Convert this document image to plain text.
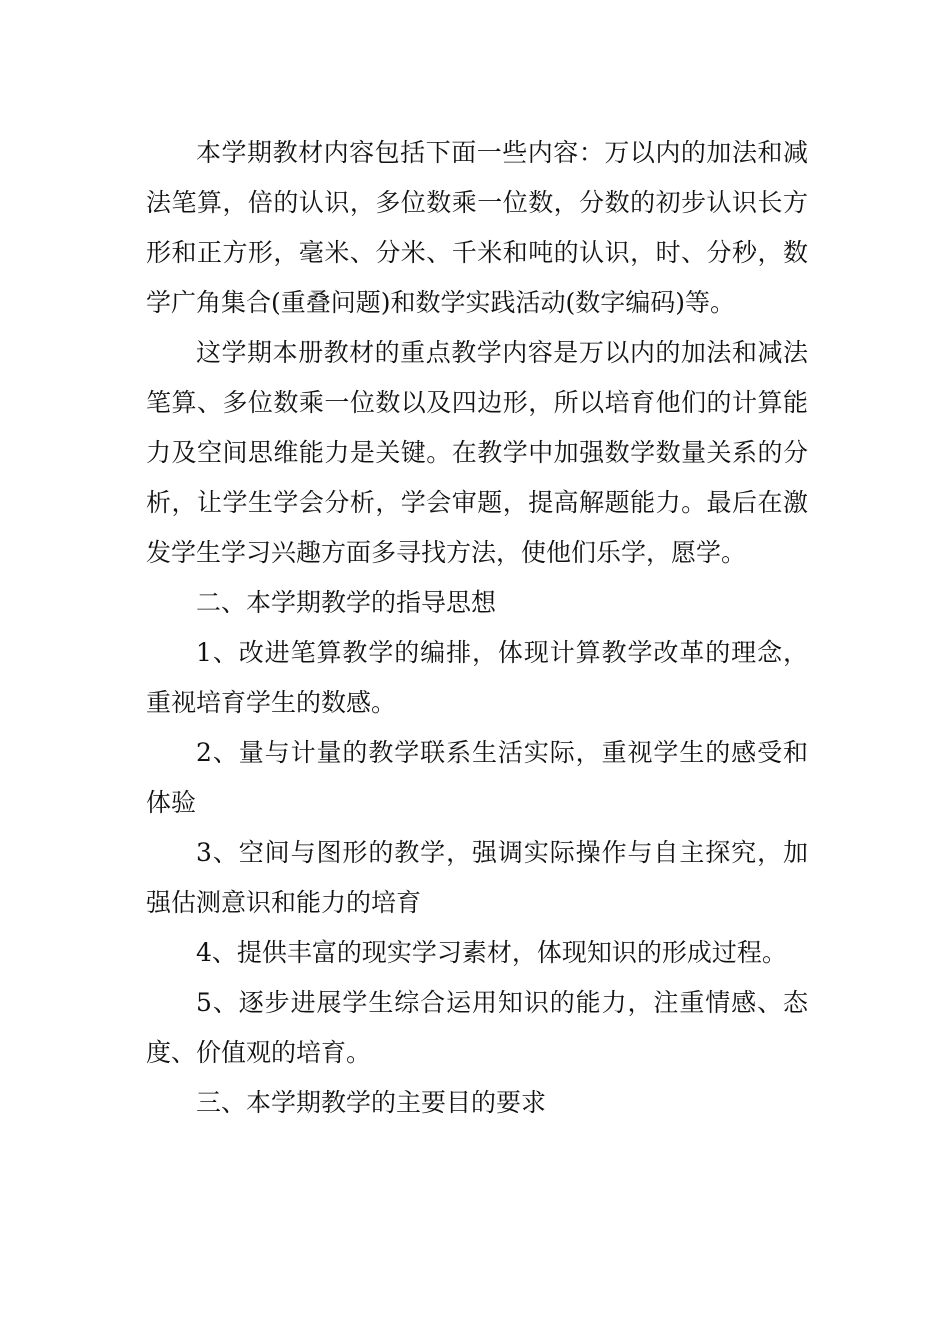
本学期教材内容包括下面一些内容：万以内的加法和减法笔算，倍的认识，多位数乘一位数，分数的初步认识长方形和正方形，毫米、分米、千米和吨的认识，时、分秒，数学广角集合(重叠问题)和数学实践活动(数字编码)等。

这学期本册教材的重点教学内容是万以内的加法和减法笔算、多位数乘一位数以及四边形，所以培育他们的计算能力及空间思维能力是关键。在教学中加强数学数量关系的分析，让学生学会分析，学会审题，提高解题能力。最后在激发学生学习兴趣方面多寻找方法，使他们乐学，愿学。

二、本学期教学的指导思想

1、改进笔算教学的编排，体现计算教学改革的理念，重视培育学生的数感。

2、量与计量的教学联系生活实际，重视学生的感受和体验

3、空间与图形的教学，强调实际操作与自主探究，加强估测意识和能力的培育

4、提供丰富的现实学习素材，体现知识的形成过程。

5、逐步进展学生综合运用知识的能力，注重情感、态度、价值观的培育。

三、本学期教学的主要目的要求
